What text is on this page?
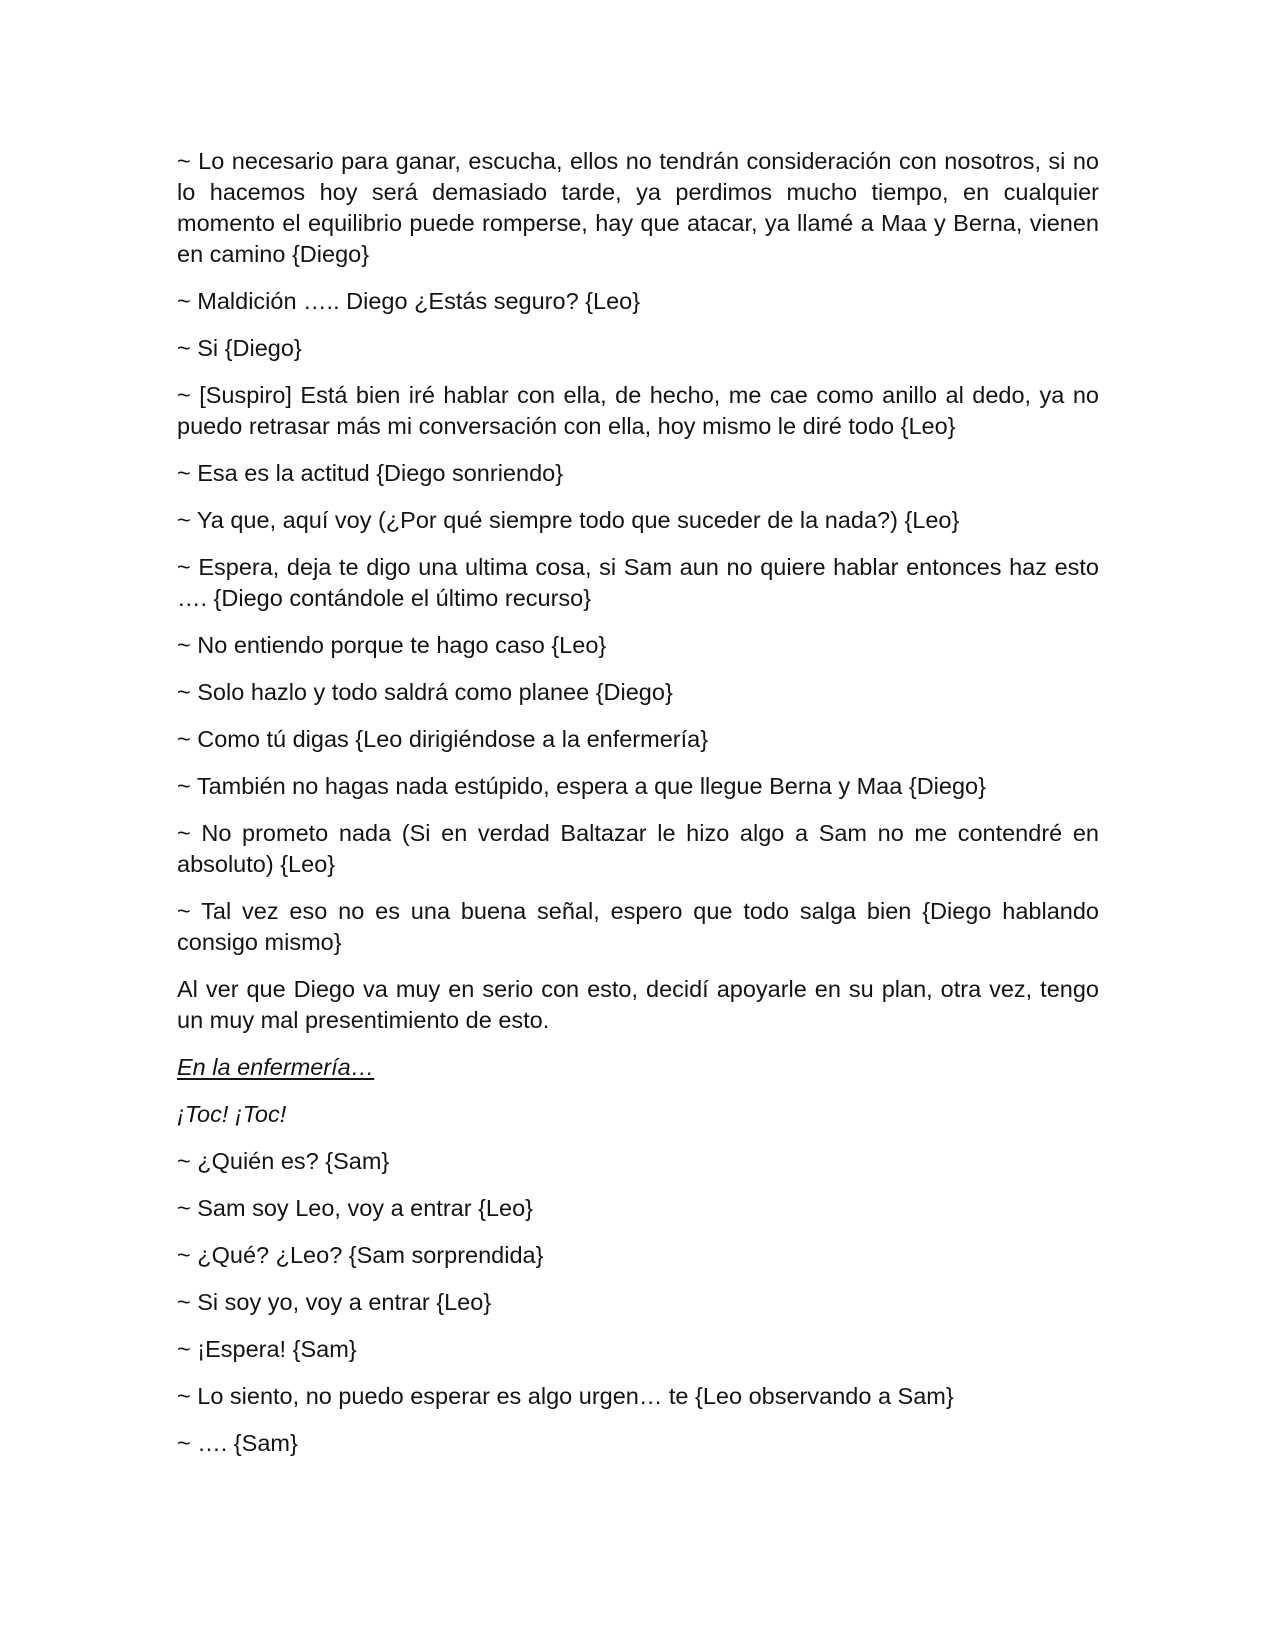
~ Lo necesario para ganar, escucha, ellos no tendrán consideración con nosotros, si no lo hacemos hoy será demasiado tarde, ya perdimos mucho tiempo, en cualquier momento el equilibrio puede romperse, hay que atacar, ya llamé a Maa y Berna, vienen en camino {Diego}

~ Maldición ….. Diego ¿Estás seguro? {Leo}

~ Si {Diego}

~ [Suspiro] Está bien iré hablar con ella, de hecho, me cae como anillo al dedo, ya no puedo retrasar más mi conversación con ella, hoy mismo le diré todo {Leo}

~ Esa es la actitud {Diego sonriendo}

~ Ya que, aquí voy (¿Por qué siempre todo que suceder de la nada?) {Leo}

~ Espera, deja te digo una ultima cosa, si Sam aun no quiere hablar entonces haz esto …. {Diego contándole el último recurso}

~ No entiendo porque te hago caso {Leo}

~ Solo hazlo y todo saldrá como planee {Diego}

~ Como tú digas {Leo dirigiéndose a la enfermería}

~ También no hagas nada estúpido, espera a que llegue Berna y Maa {Diego}

~ No prometo nada (Si en verdad Baltazar le hizo algo a Sam no me contendré en absoluto) {Leo}

~ Tal vez eso no es una buena señal, espero que todo salga bien {Diego hablando consigo mismo}

Al ver que Diego va muy en serio con esto, decidí apoyarle en su plan, otra vez, tengo un muy mal presentimiento de esto.

En la enfermería…

¡Toc! ¡Toc!

~ ¿Quién es? {Sam}

~ Sam soy Leo, voy a entrar {Leo}

~ ¿Qué? ¿Leo? {Sam sorprendida}

~ Si soy yo, voy a entrar {Leo}

~ ¡Espera! {Sam}

~ Lo siento, no puedo esperar es algo urgen… te {Leo observando a Sam}

~ …. {Sam}
